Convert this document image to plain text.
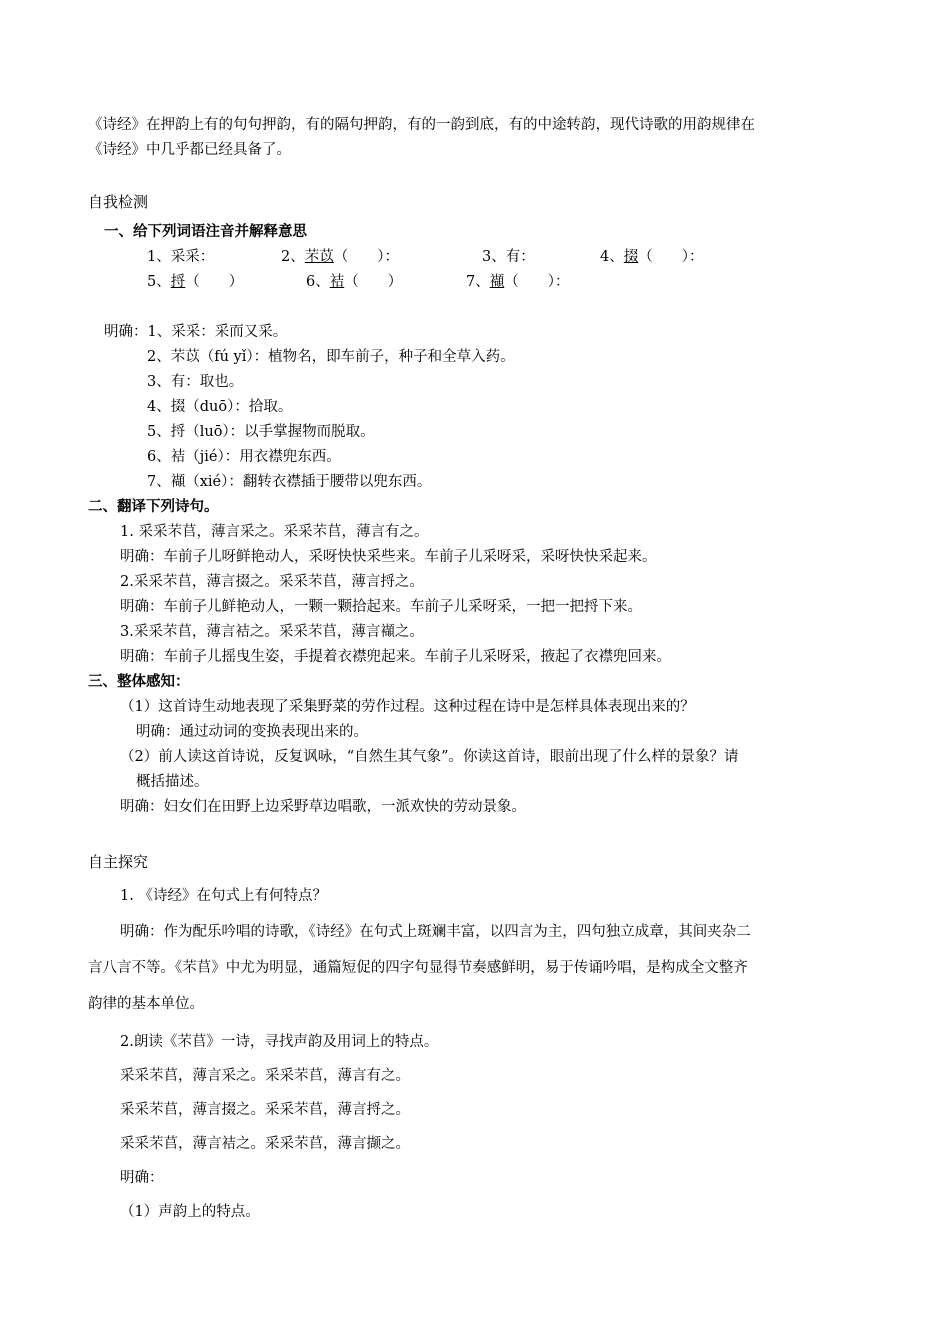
《诗经》在押韵上有的句句押韵，有的隔句押韵，有的一韵到底，有的中途转韵，现代诗歌的用韵规律在
《诗经》中几乎都已经具备了。
自我检测
一、给下列词语注音并解释意思
1、采采：	2、芣苡（　　）：	3、有：	4、掇（　　）：
5、捋（　　）	6、袺（　　）	7、襭（　　）：
明确：1、采采：采而又采。
2、芣苡（fú yǐ）：植物名，即车前子，种子和全草入药。
3、有：取也。
4、掇（duō）：拾取。
5、捋（luō）：以手掌握物而脱取。
6、袺（jié）：用衣襟兜东西。
7、襭（xié）：翻转衣襟插于腰带以兜东西。
二、翻译下列诗句。
1. 采采芣苢，薄言采之。采采芣苢，薄言有之。
明确：车前子儿呀鲜艳动人，采呀快快采些来。车前子儿采呀采，采呀快快采起来。
2.采采芣苢，薄言掇之。采采芣苢，薄言捋之。
明确：车前子儿鲜艳动人，一颗一颗拾起来。车前子儿采呀采，一把一把捋下来。
3.采采芣苢，薄言袺之。采采芣苢，薄言襭之。
明确：车前子儿摇曳生姿，手提着衣襟兜起来。车前子儿采呀采，掖起了衣襟兜回来。
三、整体感知：
（1）这首诗生动地表现了采集野菜的劳作过程。这种过程在诗中是怎样具体表现出来的？
明确：通过动词的变换表现出来的。
（2）前人读这首诗说，反复讽咏，“自然生其气象”。你读这首诗，眼前出现了什么样的景象？请
概括描述。
明确：妇女们在田野上边采野草边唱歌，一派欢快的劳动景象。
自主探究
1. 《诗经》在句式上有何特点？
明确：作为配乐吟唱的诗歌，《诗经》在句式上斑斓丰富，以四言为主，四句独立成章，其间夹杂二
言八言不等。《芣苢》中尤为明显，通篇短促的四字句显得节奏感鲜明，易于传诵吟唱，是构成全文整齐
韵律的基本单位。
2.朗读《芣苢》一诗，寻找声韵及用词上的特点。
采采芣苢，薄言采之。采采芣苢，薄言有之。
采采芣苢，薄言掇之。采采芣苢，薄言捋之。
采采芣苢，薄言袺之。采采芣苢，薄言撷之。
明确：
（1）声韵上的特点。
